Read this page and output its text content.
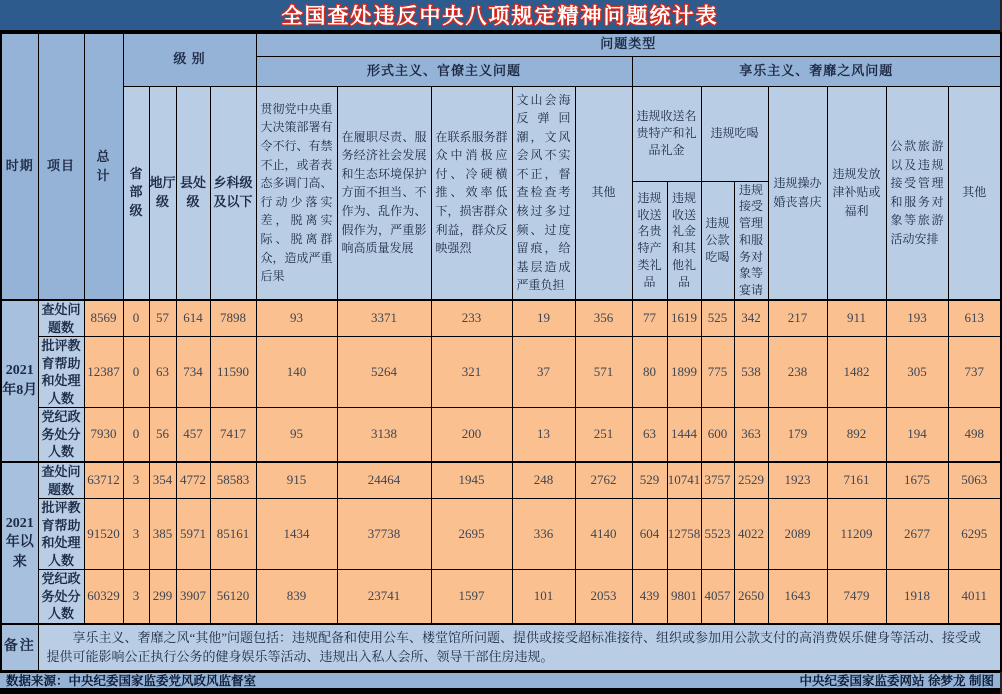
全国查处违反中央八项规定精神问题统计表
时期	项目	总计	级 别				问题类型												
							形式主义、官僚主义问题					享乐主义、奢靡之风问题							
			省部级	地厅级	县处级	乡科级及以下	贯彻党中央重大决策部署有令不行、有禁不止，或者表态多调门高、行动少落实差，脱离实际、脱离群众，造成严重后果	在履职尽责、服务经济社会发展和生态环境保护方面不担当、不作为、乱作为、假作为，严重影响高质量发展	在联系服务群众中消极应付、冷硬横推、效率低下，损害群众利益，群众反映强烈	文山会海反弹回潮，文风会风不实不正，督查检查考核过多过频、过度留痕，给基层造成严重负担	其他	违规收送名贵特产和礼品礼金		违规吃喝		违规操办婚丧喜庆	违规发放津补贴或福利	公款旅游以及违规接受管理和服务对象等旅游活动安排	其他
												违规收送名贵特产类礼品	违规收送礼金和其他礼品	违规公款吃喝	违规接受管理和服务对象等宴请				
2021年8月	查处问题数	8569	0	57	614	7898	93	3371	233	19	356	77	1619	525	342	217	911	193	613
	批评教育帮助和处理人数	12387	0	63	734	11590	140	5264	321	37	571	80	1899	775	538	238	1482	305	737
	党纪政务处分人数	7930	0	56	457	7417	95	3138	200	13	251	63	1444	600	363	179	892	194	498
2021年以来	查处问题数	63712	3	354	4772	58583	915	24464	1945	248	2762	529	10741	3757	2529	1923	7161	1675	5063
	批评教育帮助和处理人数	91520	3	385	5971	85161	1434	37738	2695	336	4140	604	12758	5523	4022	2089	11209	2677	6295
	党纪政务处分人数	60329	3	299	3907	56120	839	23741	1597	101	2053	439	9801	4057	2650	1643	7479	1918	4011
备注	享乐主义、奢靡之风“其他”问题包括：违规配备和使用公车、楼堂馆所问题、提供或接受超标准接待、组织或参加用公款支付的高消费娱乐健身等活动、接受或提供可能影响公正执行公务的健身娱乐等活动、违规出入私人会所、领导干部住房违规。																		
数据来源：中央纪委国家监委党风政风监督室	中央纪委国家监委网站 徐梦龙 制图
